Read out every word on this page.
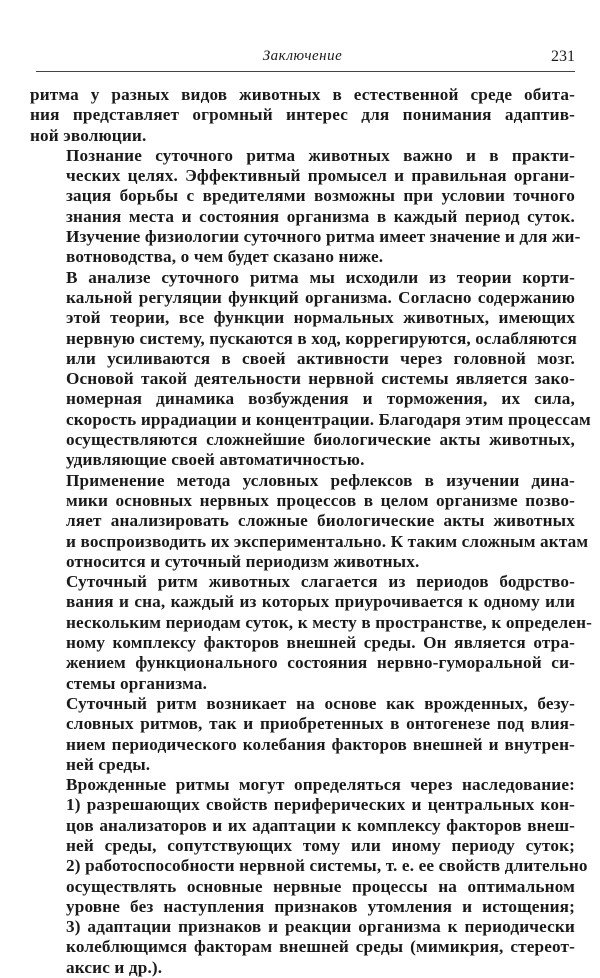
Заключение	231

ритма у разных видов животных в естественной среде обита-
ния представляет огромный интерес для понимания адаптив-
ной эволюции.

Познание суточного ритма животных важно и в практи-
ческих целях. Эффективный промысел и правильная органи-
зация борьбы с вредителями возможны при условии точного
знания места и состояния организма в каждый период суток.
Изучение физиологии суточного ритма имеет значение и для жи-
вотноводства, о чем будет сказано ниже.

В анализе суточного ритма мы исходили из теории корти-
кальной регуляции функций организма. Согласно содержанию
этой теории, все функции нормальных животных, имеющих
нервную систему, пускаются в ход, коррегируются, ослабляются
или усиливаются в своей активности через головной мозг.
Основой такой деятельности нервной системы является зако-
номерная динамика возбуждения и торможения, их сила,
скорость иррадиации и концентрации. Благодаря этим процессам
осуществляются сложнейшие биологические акты животных,
удивляющие своей автоматичностью.

Применение метода условных рефлексов в изучении дина-
мики основных нервных процессов в целом организме позво-
ляет анализировать сложные биологические акты животных
и воспроизводить их экспериментально. К таким сложным актам
относится и суточный периодизм животных.

Суточный ритм животных слагается из периодов бодрство-
вания и сна, каждый из которых приурочивается к одному или
нескольким периодам суток, к месту в пространстве, к определен-
ному комплексу факторов внешней среды. Он является отра-
жением функционального состояния нервно-гуморальной си-
стемы организма.

Суточный ритм возникает на основе как врожденных, безу-
словных ритмов, так и приобретенных в онтогенезе под влия-
нием периодического колебания факторов внешней и внутрен-
ней среды.

Врожденные ритмы могут определяться через наследование:
1) разрешающих свойств периферических и центральных кон-
цов анализаторов и их адаптации к комплексу факторов внеш-
ней среды, сопутствующих тому или иному периоду суток;
2) работоспособности нервной системы, т. е. ее свойств длительно
осуществлять основные нервные процессы на оптимальном
уровне без наступления признаков утомления и истощения;
3) адаптации признаков и реакции организма к периодически
колеблющимся факторам внешней среды (мимикрия, стереот-
аксис и др.).
